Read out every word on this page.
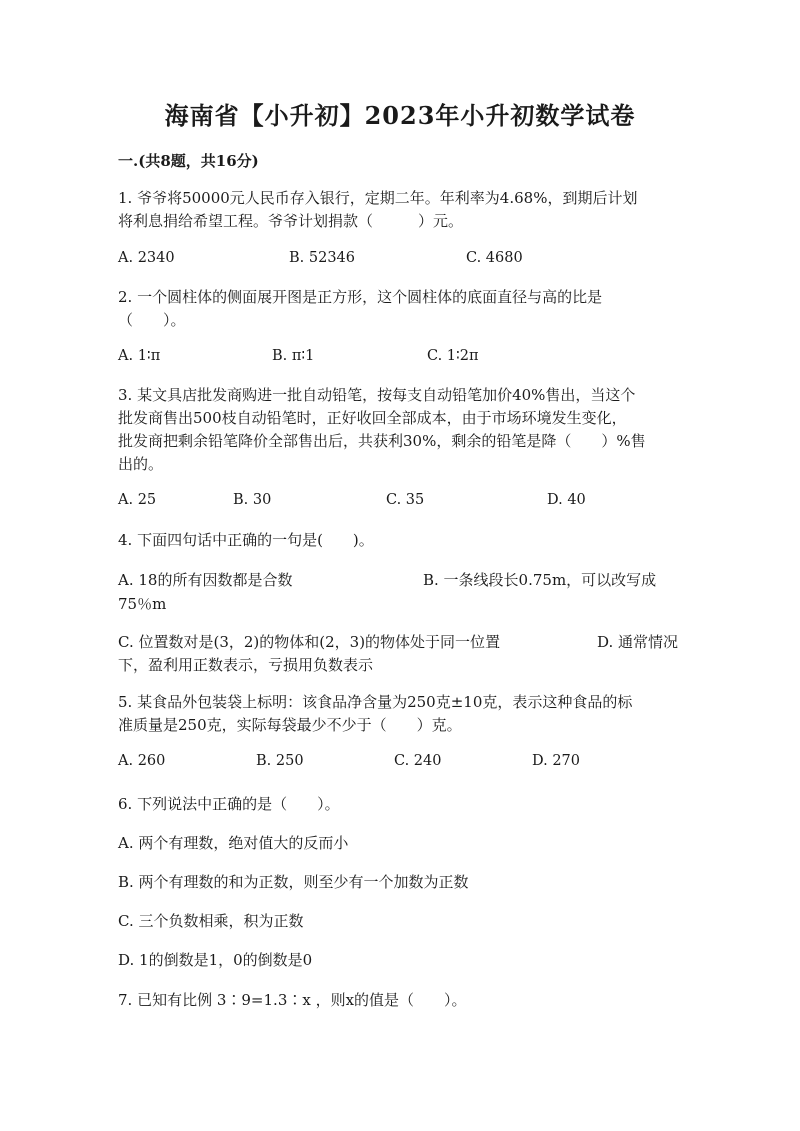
海南省【小升初】2023年小升初数学试卷
一.(共8题，共16分)
1. 爷爷将50000元人民币存入银行，定期二年。年利率为4.68%，到期后计划
将利息捐给希望工程。爷爷计划捐款（　　　）元。
A. 2340	B. 52346	C. 4680
2. 一个圆柱体的侧面展开图是正方形，这个圆柱体的底面直径与高的比是
（　　）。
A. 1∶π	B. π∶1	C. 1∶2π
3. 某文具店批发商购进一批自动铅笔，按每支自动铅笔加价40%售出，当这个
批发商售出500枝自动铅笔时，正好收回全部成本，由于市场环境发生变化，
批发商把剩余铅笔降价全部售出后，共获利30%，剩余的铅笔是降（　　）%售
出的。
A. 25	B. 30	C. 35	D. 40
4. 下面四句话中正确的一句是(　　)。
A. 18的所有因数都是合数	B. 一条线段长0.75m，可以改写成
75％m
C. 位置数对是(3，2)的物体和(2，3)的物体处于同一位置	D. 通常情况
下，盈利用正数表示，亏损用负数表示
5. 某食品外包装袋上标明：该食品净含量为250克±10克，表示这种食品的标
准质量是250克，实际每袋最少不少于（　　）克。
A. 260	B. 250	C. 240	D. 270
6. 下列说法中正确的是（　　）。
A. 两个有理数，绝对值大的反而小
B. 两个有理数的和为正数，则至少有一个加数为正数
C. 三个负数相乘，积为正数
D. 1的倒数是1，0的倒数是0
7. 已知有比例 3∶9=1.3∶x ，则x的值是（　　）。
